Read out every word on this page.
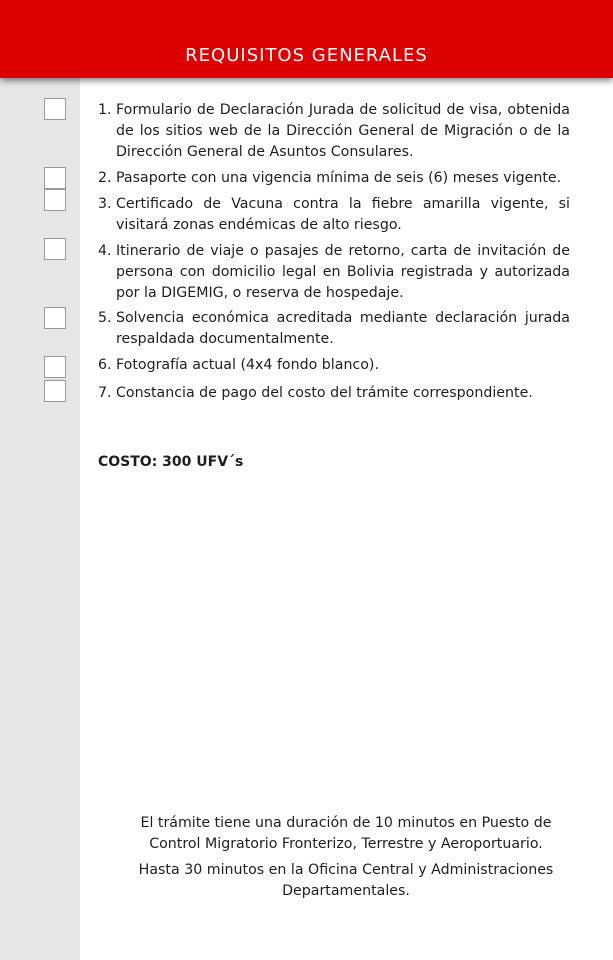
REQUISITOS GENERALES
1. Formulario de Declaración Jurada de solicitud de visa, obtenida de los sitios web de la Dirección General de Migración o de la Dirección General de Asuntos Consulares.
2. Pasaporte con una vigencia mínima de seis (6) meses vigente.
3. Certificado de Vacuna contra la fiebre amarilla vigente, si visitará zonas endémicas de alto riesgo.
4. Itinerario de viaje o pasajes de retorno, carta de invitación de persona con domicilio legal en Bolivia registrada y autorizada por la DIGEMIG, o reserva de hospedaje.
5. Solvencia económica acreditada mediante declaración jurada respaldada documentalmente.
6. Fotografía actual (4x4 fondo blanco).
7. Constancia de pago del costo del trámite correspondiente.
COSTO: 300 UFV´s
El trámite tiene una duración de 10 minutos en Puesto de Control Migratorio Fronterizo, Terrestre y Aeroportuario.
Hasta 30 minutos en la Oficina Central y Administraciones Departamentales.
